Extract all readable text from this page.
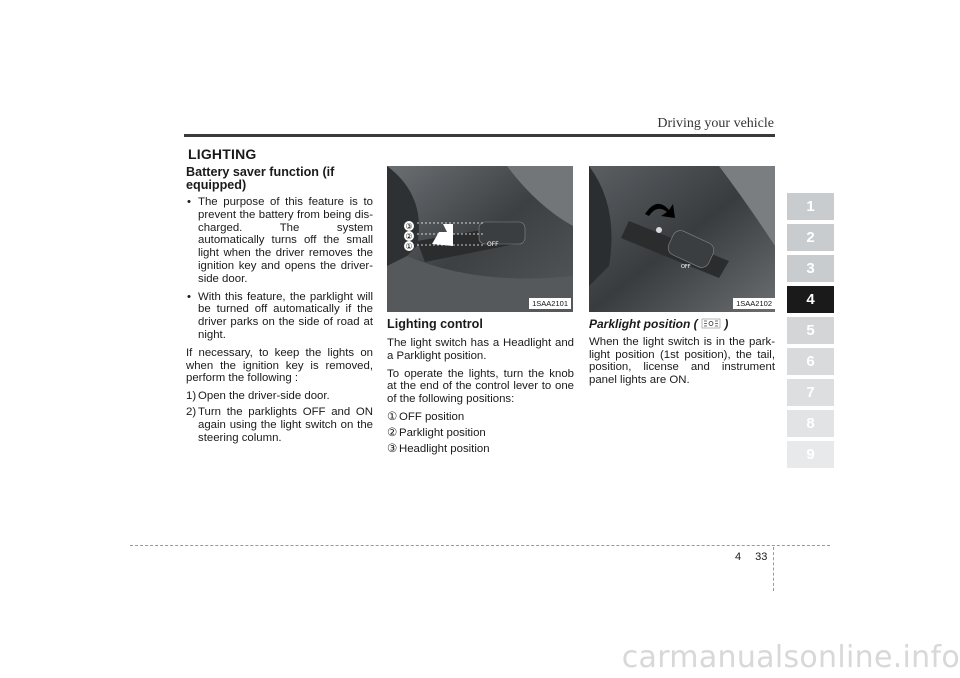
Driving your vehicle
LIGHTING
Battery saver function (if equipped)
• The purpose of this feature is to prevent the battery from being dis-charged. The system automatically turns off the small light when the driver removes the ignition key and opens the driver- side door.
• With this feature, the parklight will be turned off automatically if the driver parks on the side of road at night.

If necessary, to keep the lights on when the ignition key is removed, perform the following :

1) Open the driver-side door.
2) Turn the parklights OFF and ON again using the light switch on the steering column.
③
②
①	OFF
1SAA2101
Lighting control

The light switch has a Headlight and a Parklight position.

To operate the lights, turn the knob at the end of the control lever to one of the following positions:

① OFF position
② Parklight position
③ Headlight position
OFF
1SAA2102
Parklight position ( )

When the light switch is in the park-light position (1st position), the tail, position, license and instrument panel lights are ON.

1
2
3
4
5
6
7
8
9
4 33
carmanualsonline.info
